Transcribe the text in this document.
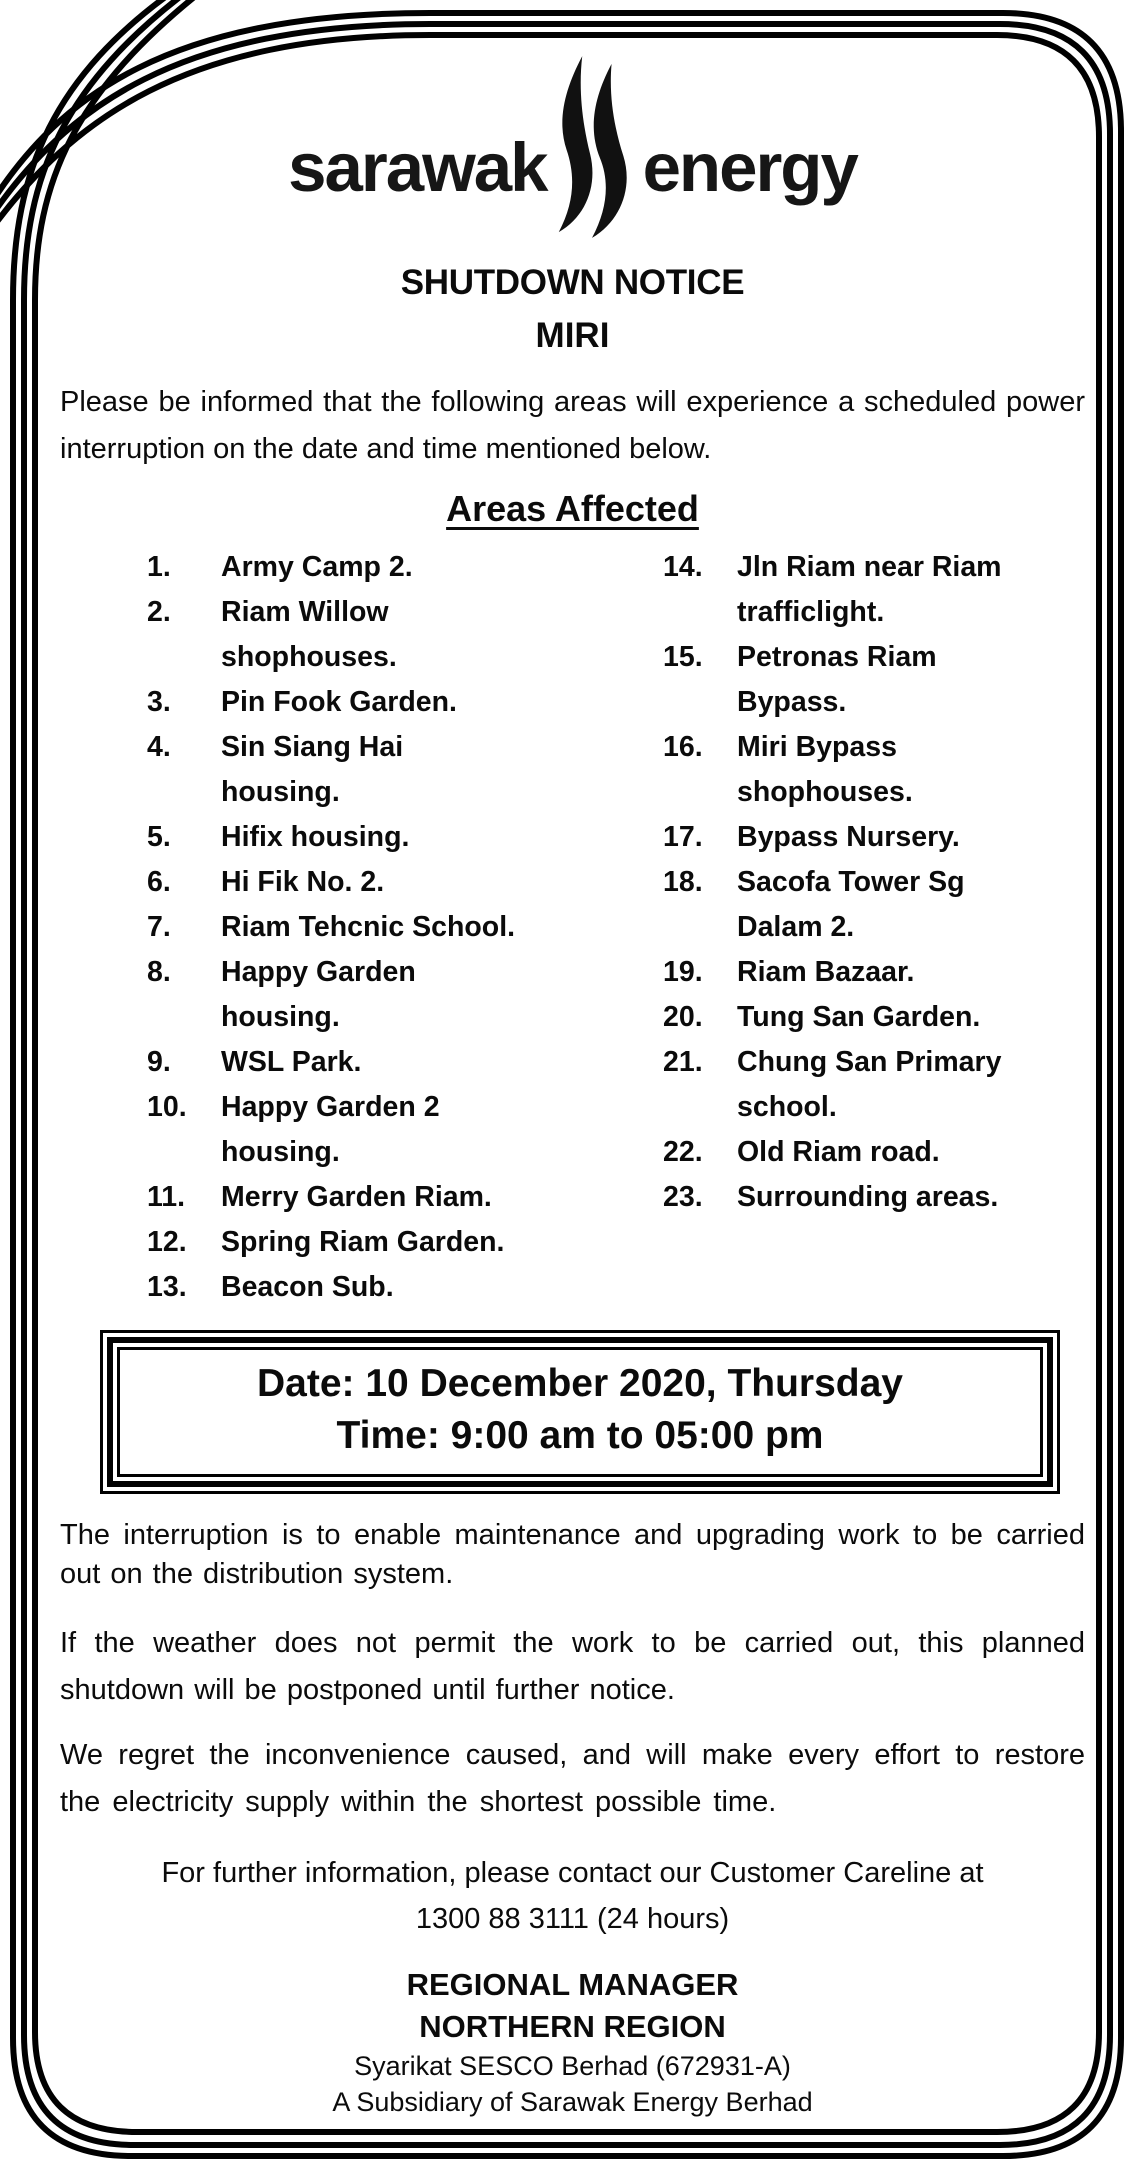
sarawak energy
SHUTDOWN NOTICE
MIRI

Please be informed that the following areas will experience a scheduled power interruption on the date and time mentioned below.

Areas Affected
1.	Army Camp 2.
2.	Riam Willow shophouses.
3.	Pin Fook Garden.
4.	Sin Siang Hai housing.
5.	Hifix housing.
6.	Hi Fik No. 2.
7.	Riam Tehcnic School.
8.	Happy Garden housing.
9.	WSL Park.
10.	Happy Garden 2 housing.
11.	Merry Garden Riam.
12.	Spring Riam Garden.
13.	Beacon Sub.
14.	Jln Riam near Riam trafficlight.
15.	Petronas Riam Bypass.
16.	Miri Bypass shophouses.
17.	Bypass Nursery.
18.	Sacofa Tower Sg Dalam 2.
19.	Riam Bazaar.
20.	Tung San Garden.
21.	Chung San Primary school.
22.	Old Riam road.
23.	Surrounding areas.
Date: 10 December 2020, Thursday
Time: 9:00 am to 05:00 pm

The interruption is to enable maintenance and upgrading work to be carried out on the distribution system.

If the weather does not permit the work to be carried out, this planned shutdown will be postponed until further notice.

We regret the inconvenience caused, and will make every effort to restore the electricity supply within the shortest possible time.

For further information, please contact our Customer Careline at
1300 88 3111 (24 hours)
REGIONAL MANAGER
NORTHERN REGION
Syarikat SESCO Berhad (672931-A)
A Subsidiary of Sarawak Energy Berhad
